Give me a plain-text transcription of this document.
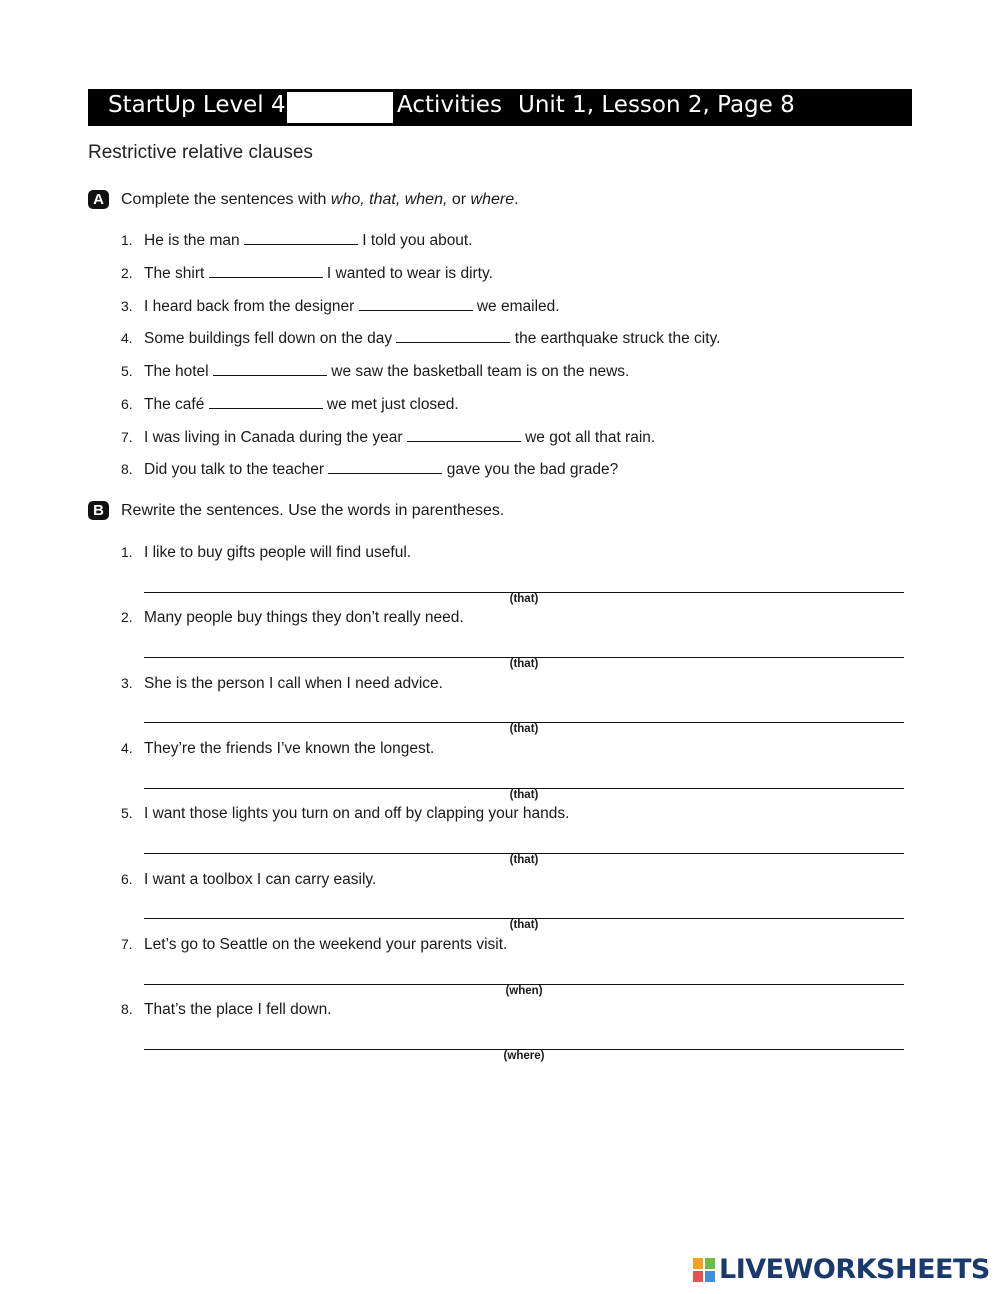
StartUp Level 4	Activities Unit 1, Lesson 2, Page 8
Restrictive relative clauses
A	Complete the sentences with who, that, when, or where.
1. He is the man	I told you about.
2. The shirt	I wanted to wear is dirty.
3. I heard back from the designer	we emailed.
4. Some buildings fell down on the day	the earthquake struck the city.
5. The hotel	we saw the basketball team is on the news.
6. The café	we met just closed.
7. I was living in Canada during the year	we got all that rain.
8. Did you talk to the teacher	gave you the bad grade?
B	Rewrite the sentences. Use the words in parentheses.
1. I like to buy gifts people will find useful.
(that)
2. Many people buy things they don’t really need.
(that)
3. She is the person I call when I need advice.
(that)
4. They’re the friends I’ve known the longest.
(that)
5. I want those lights you turn on and off by clapping your hands.
(that)
6. I want a toolbox I can carry easily.
(that)
7. Let’s go to Seattle on the weekend your parents visit.
(when)
8. That’s the place I fell down.
(where)
LIVEWORKSHEETS
